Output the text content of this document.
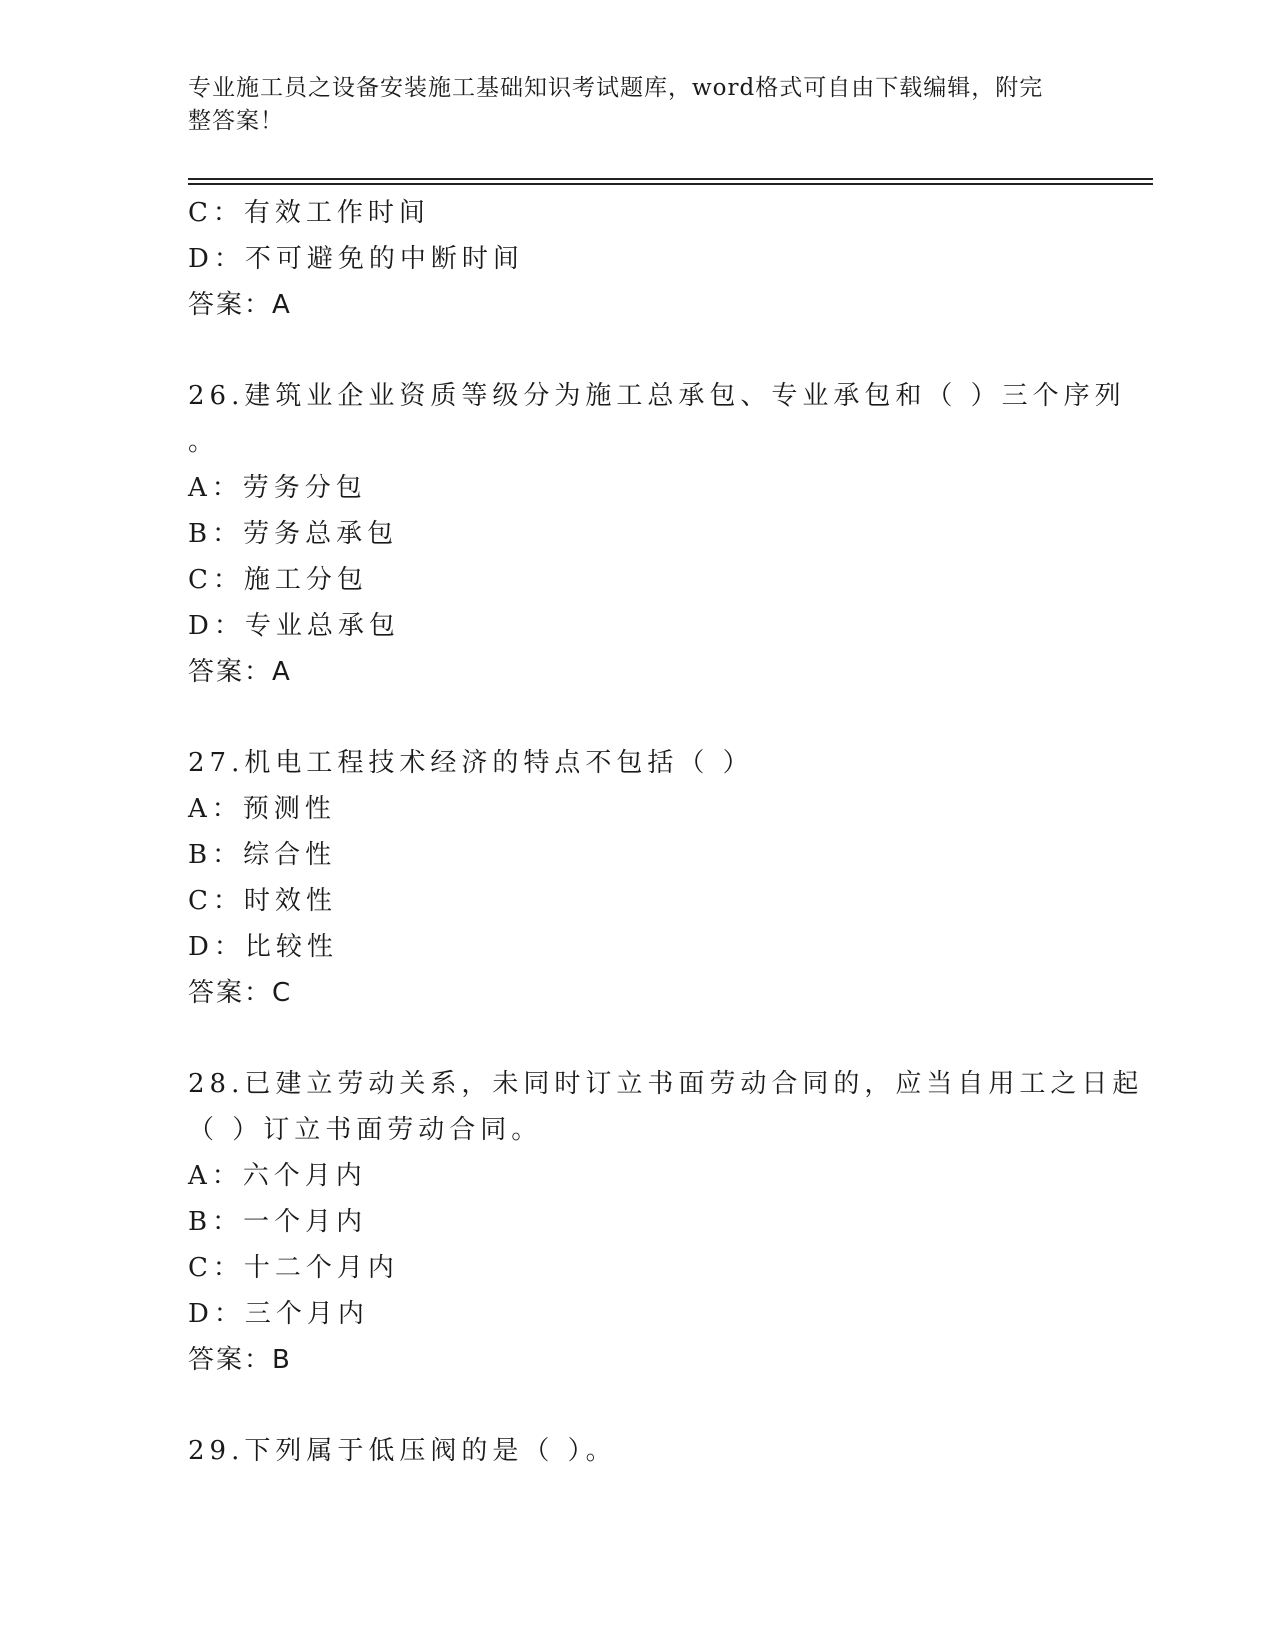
专业施工员之设备安装施工基础知识考试题库，word格式可自由下载编辑，附完
整答案！
C：有效工作时间
D：不可避免的中断时间
答案：A
26.建筑业企业资质等级分为施工总承包、专业承包和（ ）三个序列
。
A：劳务分包
B：劳务总承包
C：施工分包
D：专业总承包
答案：A
27.机电工程技术经济的特点不包括（ ）
A：预测性
B：综合性
C：时效性
D：比较性
答案：C
28.已建立劳动关系，未同时订立书面劳动合同的，应当自用工之日起
（ ）订立书面劳动合同。
A：六个月内
B：一个月内
C：十二个月内
D：三个月内
答案：B
29.下列属于低压阀的是（ ）。
